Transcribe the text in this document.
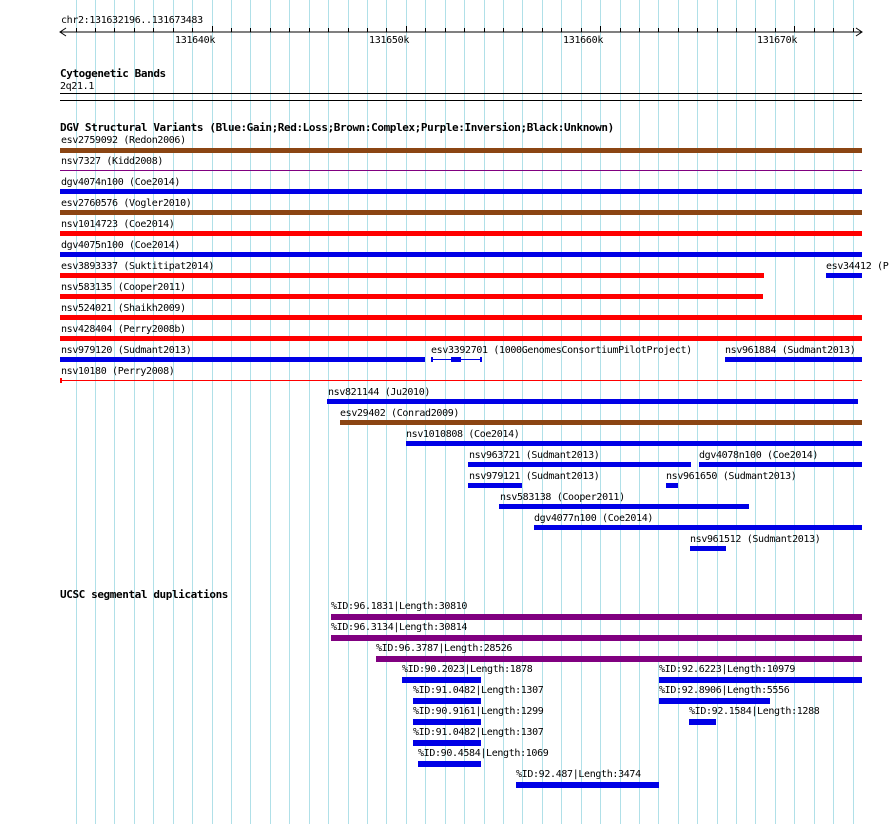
chr2:131632196..131673483
131640k	131650k	131660k	131670k
Cytogenetic Bands
2q21.1
DGV Structural Variants (Blue:Gain;Red:Loss;Brown:Complex;Purple:Inversion;Black:Unknown)
esv2759092 (Redon2006)
nsv7327 (Kidd2008)
dgv4074n100 (Coe2014)
esv2760576 (Vogler2010)
nsv1014723 (Coe2014)
dgv4075n100 (Coe2014)
esv3893337 (Suktitipat2014)	esv34412 (P
nsv583135 (Cooper2011)
nsv524021 (Shaikh2009)
nsv428404 (Perry2008b)
nsv979120 (Sudmant2013)	esv3392701 (1000GenomesConsortiumPilotProject)	nsv961884 (Sudmant2013)
nsv10180 (Perry2008)
nsv821144 (Ju2010)
esv29402 (Conrad2009)
nsv1010808 (Coe2014)
nsv963721 (Sudmant2013)	dgv4078n100 (Coe2014)
nsv979121 (Sudmant2013)	nsv961650 (Sudmant2013)
nsv583138 (Cooper2011)
dgv4077n100 (Coe2014)
nsv961512 (Sudmant2013)
UCSC segmental duplications
%ID:96.1831|Length:30810
%ID:96.3134|Length:30814
%ID:96.3787|Length:28526
%ID:90.2023|Length:1878	%ID:92.6223|Length:10979
%ID:91.0482|Length:1307	%ID:92.8906|Length:5556
%ID:90.9161|Length:1299	%ID:92.1584|Length:1288
%ID:91.0482|Length:1307
%ID:90.4584|Length:1069
%ID:92.487|Length:3474
